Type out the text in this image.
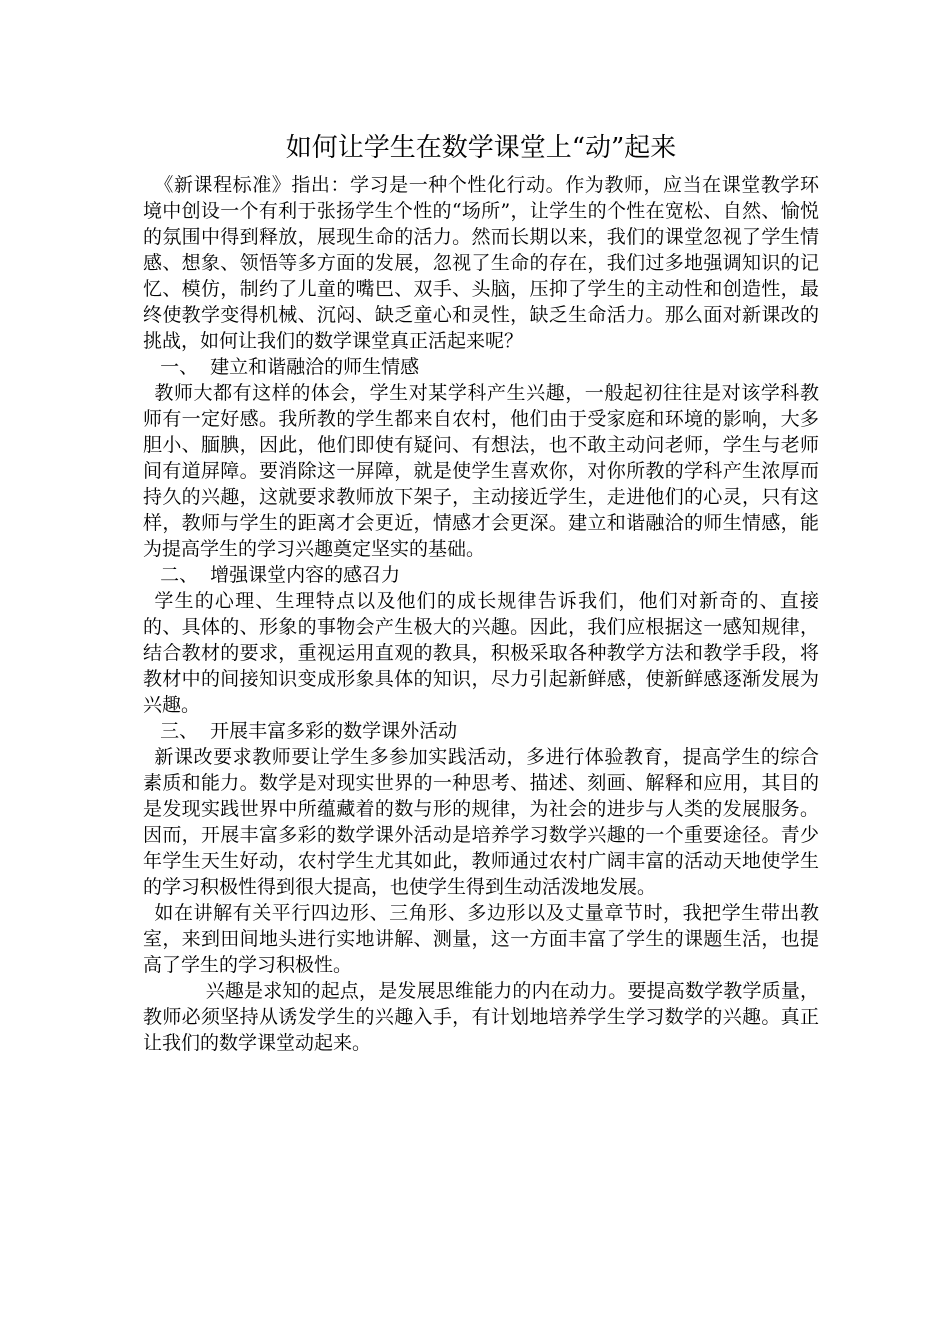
如何让学生在数学课堂上“动”起来

《新课程标准》指出：学习是一种个性化行动。作为教师，应当在课堂教学环境中创设一个有利于张扬学生个性的“场所”，让学生的个性在宽松、自然、愉悦的氛围中得到释放，展现生命的活力。然而长期以来，我们的课堂忽视了学生情感、想象、领悟等多方面的发展，忽视了生命的存在，我们过多地强调知识的记忆、模仿，制约了儿童的嘴巴、双手、头脑，压抑了学生的主动性和创造性，最终使教学变得机械、沉闷、缺乏童心和灵性，缺乏生命活力。那么面对新课改的挑战，如何让我们的数学课堂真正活起来呢？

一、  建立和谐融洽的师生情感

教师大都有这样的体会，学生对某学科产生兴趣，一般起初往往是对该学科教师有一定好感。我所教的学生都来自农村，他们由于受家庭和环境的影响，大多胆小、腼腆，因此，他们即使有疑问、有想法，也不敢主动问老师，学生与老师间有道屏障。要消除这一屏障，就是使学生喜欢你，对你所教的学科产生浓厚而持久的兴趣，这就要求教师放下架子，主动接近学生，走进他们的心灵，只有这样，教师与学生的距离才会更近，情感才会更深。建立和谐融洽的师生情感，能为提高学生的学习兴趣奠定坚实的基础。

二、  增强课堂内容的感召力

学生的心理、生理特点以及他们的成长规律告诉我们，他们对新奇的、直接的、具体的、形象的事物会产生极大的兴趣。因此，我们应根据这一感知规律，结合教材的要求，重视运用直观的教具，积极采取各种教学方法和教学手段，将教材中的间接知识变成形象具体的知识，尽力引起新鲜感，使新鲜感逐渐发展为兴趣。

三、  开展丰富多彩的数学课外活动

新课改要求教师要让学生多参加实践活动，多进行体验教育，提高学生的综合素质和能力。数学是对现实世界的一种思考、描述、刻画、解释和应用，其目的是发现实践世界中所蕴藏着的数与形的规律，为社会的进步与人类的发展服务。因而，开展丰富多彩的数学课外活动是培养学习数学兴趣的一个重要途径。青少年学生天生好动，农村学生尤其如此，教师通过农村广阔丰富的活动天地使学生的学习积极性得到很大提高，也使学生得到生动活泼地发展。

如在讲解有关平行四边形、三角形、多边形以及丈量章节时，我把学生带出教室，来到田间地头进行实地讲解、测量，这一方面丰富了学生的课题生活，也提高了学生的学习积极性。

兴趣是求知的起点，是发展思维能力的内在动力。要提高数学教学质量，教师必须坚持从诱发学生的兴趣入手，有计划地培养学生学习数学的兴趣。真正让我们的数学课堂动起来。
